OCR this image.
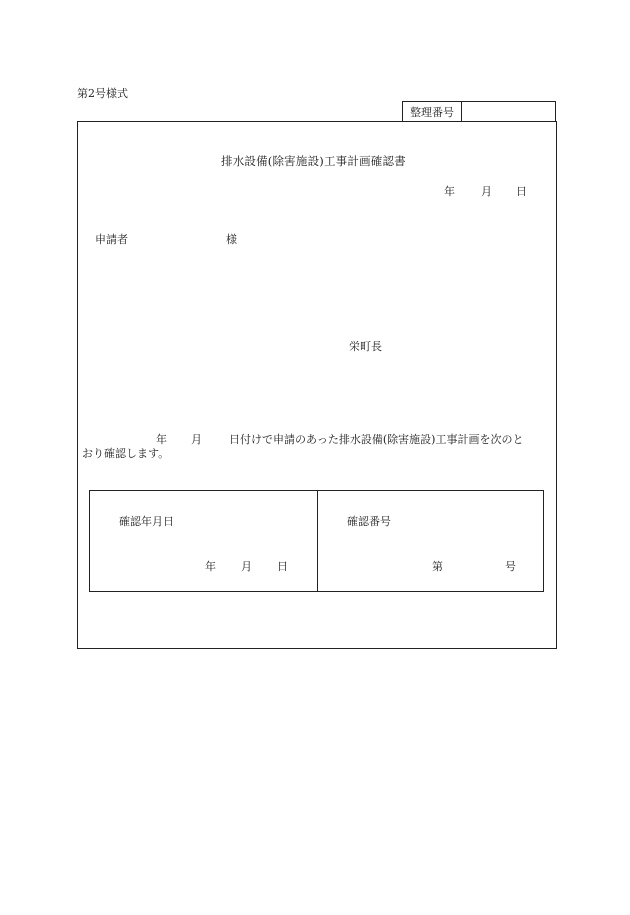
第2号様式
整理番号
排水設備(除害施設)工事計画確認書
年 月 日
申請者	様
栄町長
年 月 日付けで申請のあった排水設備(除害施設)工事計画を次のと
おり確認します。
確認年月日
年 月 日
確認番号
第	号
